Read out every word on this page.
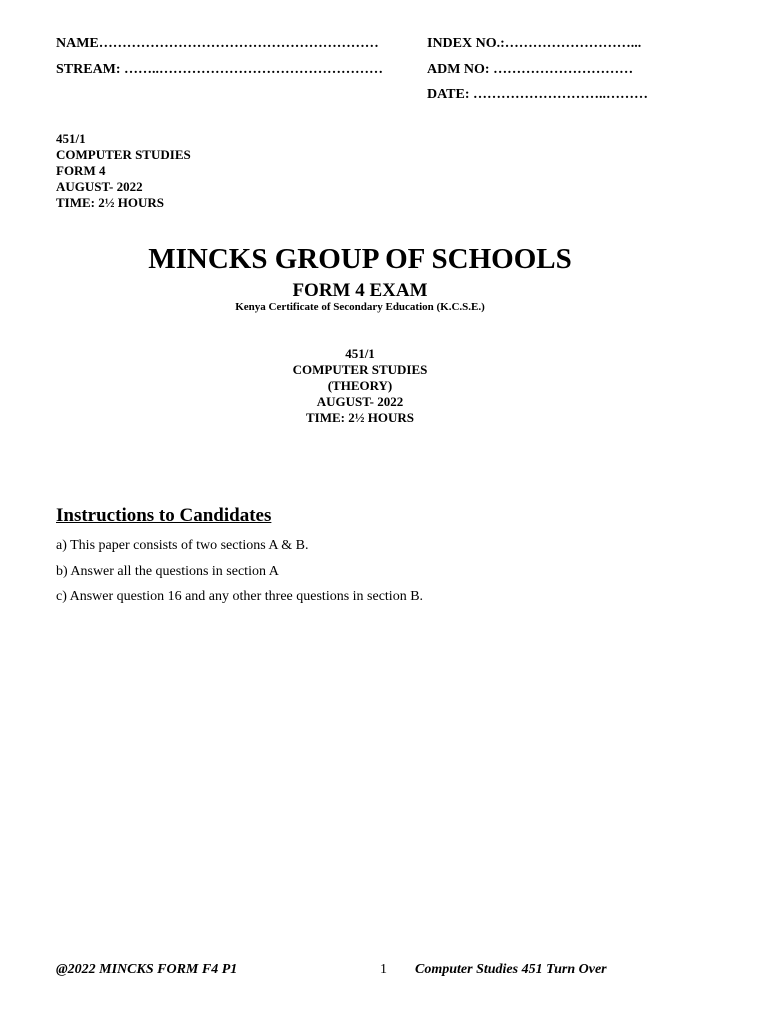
NAME……………………………………………………	INDEX NO.:………………………...
STREAM: ……..…………………………………………	ADM NO: …………………………
DATE: ………………………..………
451/1
COMPUTER STUDIES
FORM 4
AUGUST- 2022
TIME: 2½ HOURS
MINCKS GROUP OF SCHOOLS
FORM 4 EXAM
Kenya Certificate of Secondary Education (K.C.S.E.)
451/1
COMPUTER STUDIES
(THEORY)
AUGUST- 2022
TIME: 2½ HOURS
Instructions to Candidates
a) This paper consists of two sections A & B.
b) Answer all the questions in section A
c) Answer question 16 and any other three questions in section B.
@2022 MINCKS FORM F4 P1	1 Computer Studies 451 Turn Over
